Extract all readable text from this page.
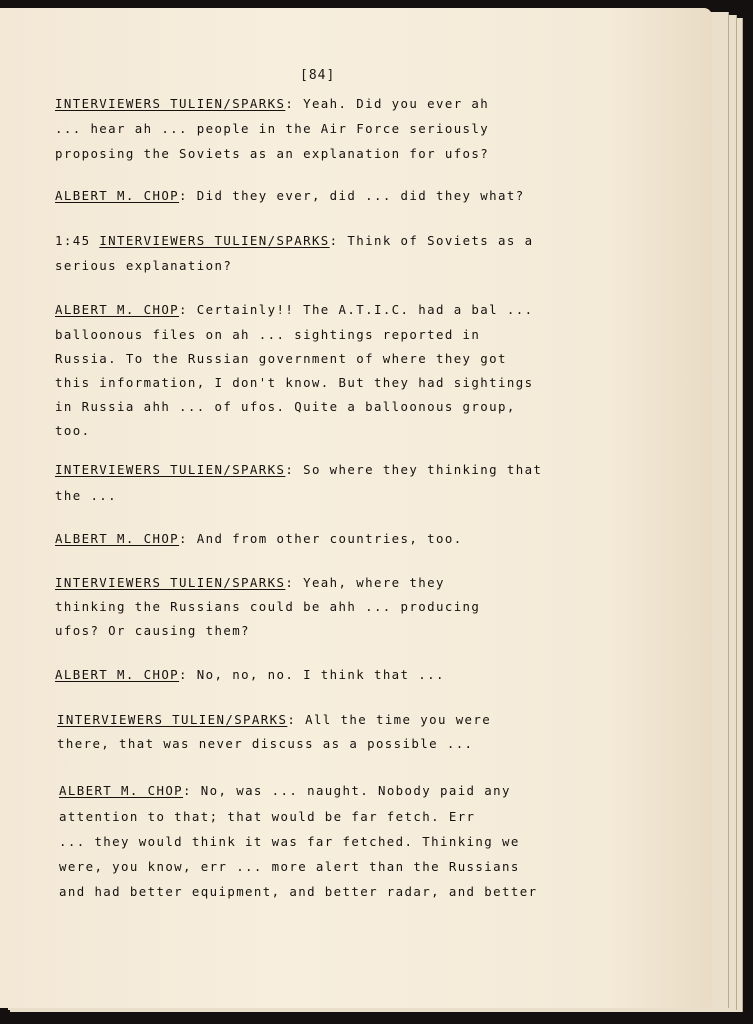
[84]
INTERVIEWERS TULIEN/SPARKS: Yeah. Did you ever ah
... hear ah ... people in the Air Force seriously
proposing the Soviets as an explanation for ufos?
ALBERT M. CHOP: Did they ever, did ... did they what?
1:45 INTERVIEWERS TULIEN/SPARKS: Think of Soviets as a
serious explanation?
ALBERT M. CHOP: Certainly!! The A.T.I.C. had a bal ...
balloonous files on ah ... sightings reported in
Russia. To the Russian government of where they got
this information, I don't know. But they had sightings
in Russia ahh ... of ufos. Quite a balloonous group,
too.
INTERVIEWERS TULIEN/SPARKS: So where they thinking that
the ...
ALBERT M. CHOP: And from other countries, too.
INTERVIEWERS TULIEN/SPARKS: Yeah, where they
thinking the Russians could be ahh ... producing
ufos? Or causing them?
ALBERT M. CHOP: No, no, no. I think that ...
INTERVIEWERS TULIEN/SPARKS: All the time you were
there, that was never discuss as a possible ...
ALBERT M. CHOP: No, was ... naught. Nobody paid any
attention to that; that would be far fetch. Err
... they would think it was far fetched. Thinking we
were, you know, err ... more alert than the Russians
and had better equipment, and better radar, and better
